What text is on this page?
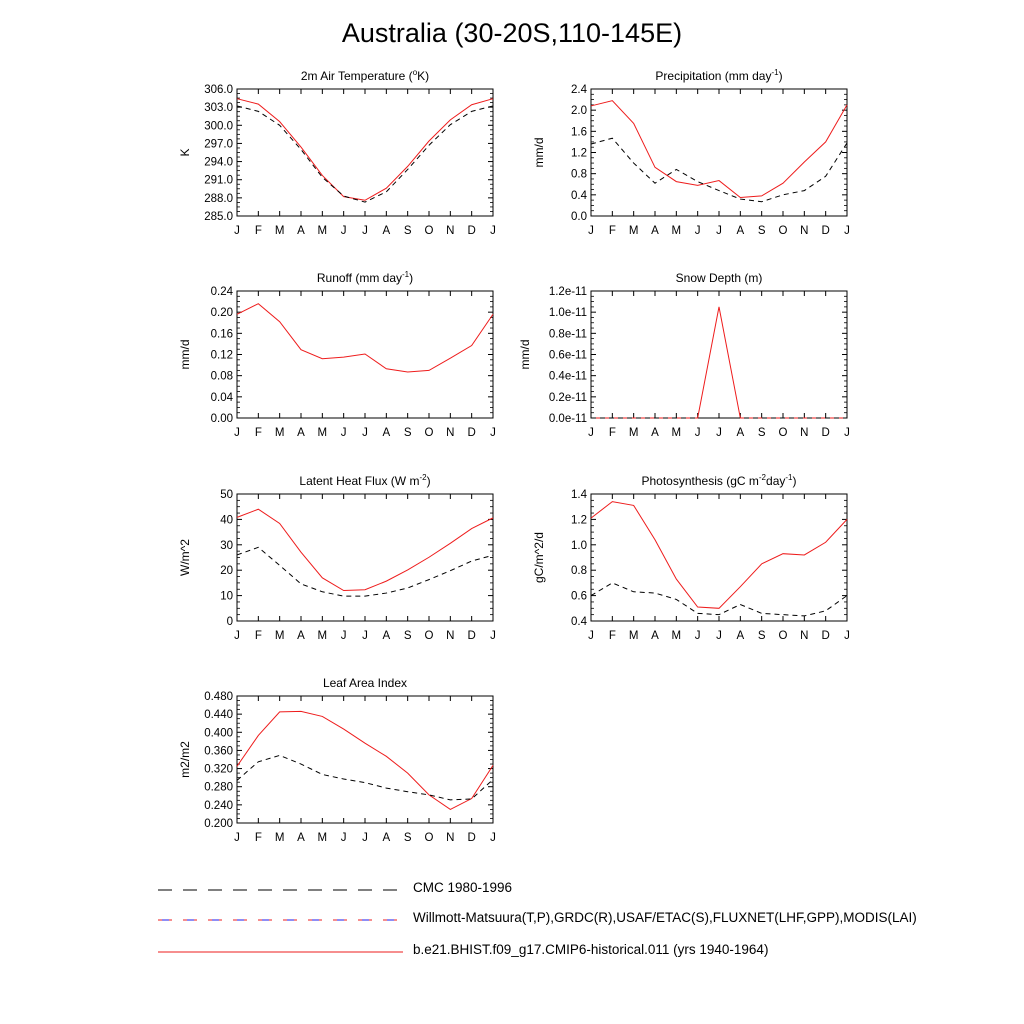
Australia (30-20S,110-145E)
J F M A M J J A S O N D J
285.0
288.0
291.0
294.0
297.0
300.0
303.0
306.0
K
2m Air Temperature ($^o$K)
J F M A M J J A S O N D J
0.0
0.4
0.8
1.2
1.6
2.0
2.4
mm/d
Precipitation (mm day$^{-1}$)
J F M A M J J A S O N D J
0.00
0.04
0.08
0.12
0.16
0.20
0.24
mm/d
Runoff (mm day$^{-1}$)
J F M A M J J A S O N D J
0.0e-11
0.2e-11
0.4e-11
0.6e-11
0.8e-11
1.0e-11
1.2e-11
mm/d
Snow Depth (m)
J F M A M J J A S O N D J
0
10
20
30
40
50
W/m^2
Latent Heat Flux (W $m^{-2}$)
J F M A M J J A S O N D J
0.4
0.6
0.8
1.0
1.2
1.4
gC/m^2/d
Photosynthesis (gC $m^{-2}day^{-1}$)
J F M A M J J A S O N D J
0.200
0.240
0.280
0.320
0.360
0.400
0.440
0.480
m2/m2
Leaf Area Index
CMC 1980-1996
Willmott-Matsuura(T,P),GRDC(R),USAF/ETAC(S),FLUXNET(LHF,GPP),MODIS(LAI)
b.e21.BHIST.f09_g17.CMIP6-historical.011 (yrs 1940-1964)
